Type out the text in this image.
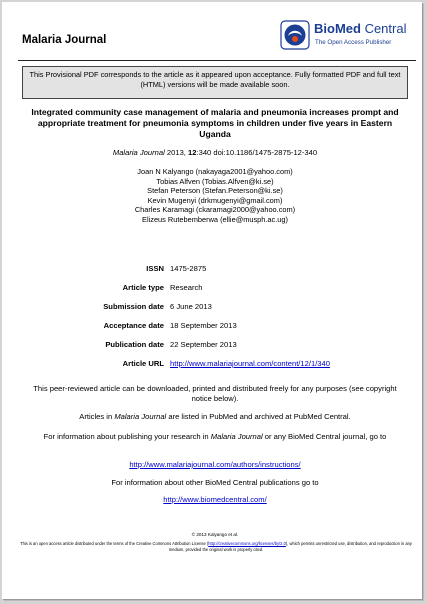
Malaria Journal
BioMed Central
The Open Access Publisher
This Provisional PDF corresponds to the article as it appeared upon acceptance. Fully formatted PDF and full text (HTML) versions will be made available soon.
Integrated community case management of malaria and pneumonia increases prompt and appropriate treatment for pneumonia symptoms in children under five years in Eastern Uganda
Malaria Journal 2013, 12:340 doi:10.1186/1475-2875-12-340
Joan N Kalyango (nakayaga2001@yahoo.com)
Tobias Alfven (Tobias.Alfven@ki.se)
Stefan Peterson (Stefan.Peterson@ki.se)
Kevin Mugenyi (drkmugenyi@gmail.com)
Charles Karamagi (ckaramagi2000@yahoo.com)
Elizeus Rutebemberwa (ellie@musph.ac.ug)
ISSN 1475-2875
Article type Research
Submission date 6 June 2013
Acceptance date 18 September 2013
Publication date 22 September 2013
Article URL http://www.malariajournal.com/content/12/1/340
This peer-reviewed article can be downloaded, printed and distributed freely for any purposes (see copyright notice below).
Articles in Malaria Journal are listed in PubMed and archived at PubMed Central.
For information about publishing your research in Malaria Journal or any BioMed Central journal, go to
http://www.malariajournal.com/authors/instructions/
For information about other BioMed Central publications go to
http://www.biomedcentral.com/
© 2013 Kalyango et al.
This is an open access article distributed under the terms of the Creative Commons Attribution License (http://creativecommons.org/licenses/by/2.0), which permits unrestricted use, distribution, and reproduction in any medium, provided the original work is properly cited.
